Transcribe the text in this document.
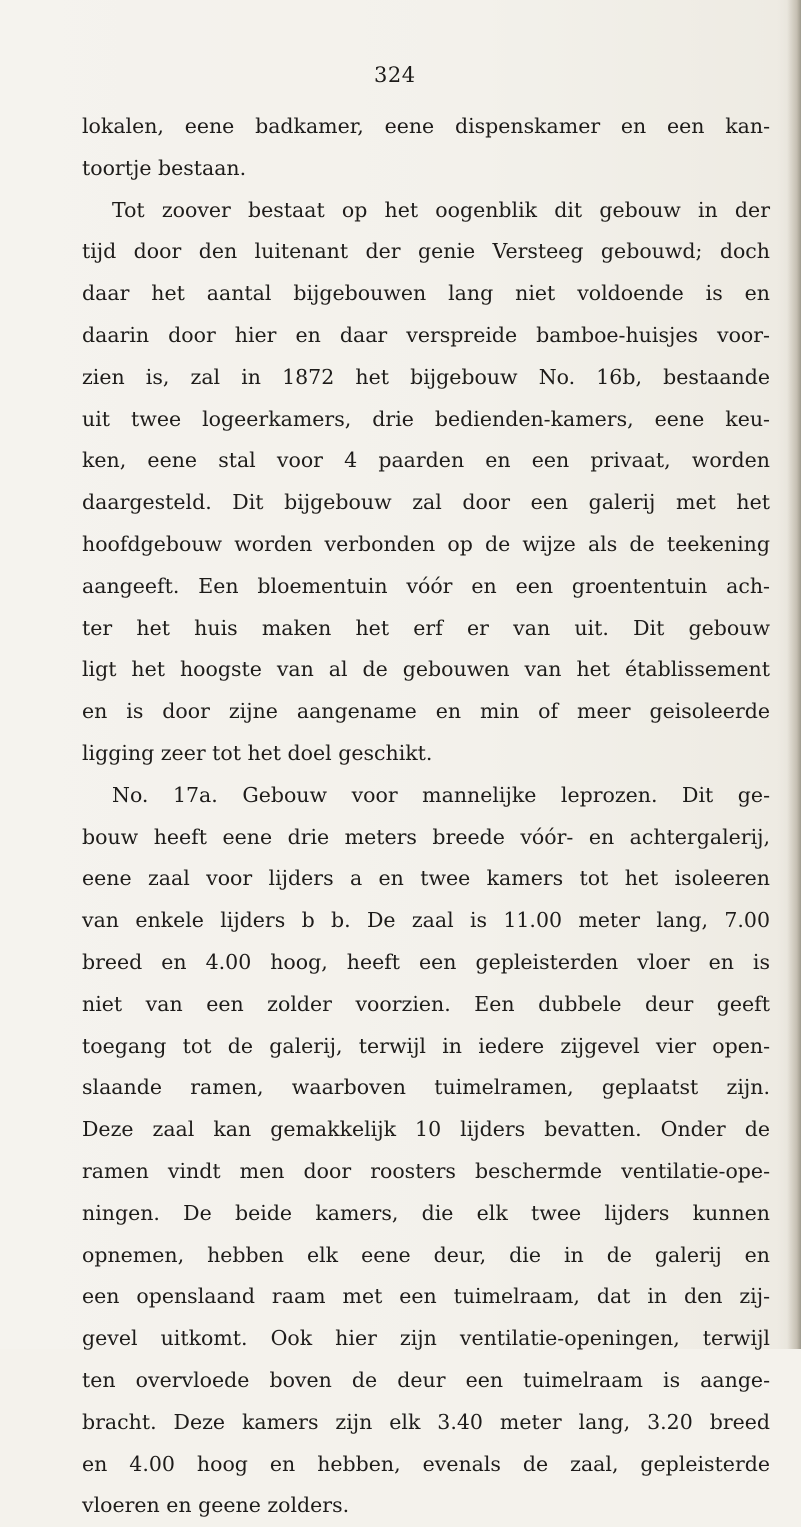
324
lokalen, eene badkamer, eene dispenskamer en een kan-
toortje bestaan.
Tot zoover bestaat op het oogenblik dit gebouw in der
tijd door den luitenant der genie Versteeg gebouwd; doch
daar het aantal bijgebouwen lang niet voldoende is en
daarin door hier en daar verspreide bamboe-huisjes voor-
zien is, zal in 1872 het bijgebouw No. 16b, bestaande
uit twee logeerkamers, drie bedienden-kamers, eene keu-
ken, eene stal voor 4 paarden en een privaat, worden
daargesteld. Dit bijgebouw zal door een galerij met het
hoofdgebouw worden verbonden op de wijze als de teekening
aangeeft. Een bloementuin vóór en een groententuin ach-
ter het huis maken het erf er van uit. Dit gebouw
ligt het hoogste van al de gebouwen van het établissement
en is door zijne aangename en min of meer geisoleerde
ligging zeer tot het doel geschikt.
No. 17a. Gebouw voor mannelijke leprozen. Dit ge-
bouw heeft eene drie meters breede vóór- en achtergalerij,
eene zaal voor lijders a en twee kamers tot het isoleeren
van enkele lijders b b. De zaal is 11.00 meter lang, 7.00
breed en 4.00 hoog, heeft een gepleisterden vloer en is
niet van een zolder voorzien. Een dubbele deur geeft
toegang tot de galerij, terwijl in iedere zijgevel vier open-
slaande ramen, waarboven tuimelramen, geplaatst zijn.
Deze zaal kan gemakkelijk 10 lijders bevatten. Onder de
ramen vindt men door roosters beschermde ventilatie-ope-
ningen. De beide kamers, die elk twee lijders kunnen
opnemen, hebben elk eene deur, die in de galerij en
een openslaand raam met een tuimelraam, dat in den zij-
gevel uitkomt. Ook hier zijn ventilatie-openingen, terwijl
ten overvloede boven de deur een tuimelraam is aange-
bracht. Deze kamers zijn elk 3.40 meter lang, 3.20 breed
en 4.00 hoog en hebben, evenals de zaal, gepleisterde
vloeren en geene zolders.
